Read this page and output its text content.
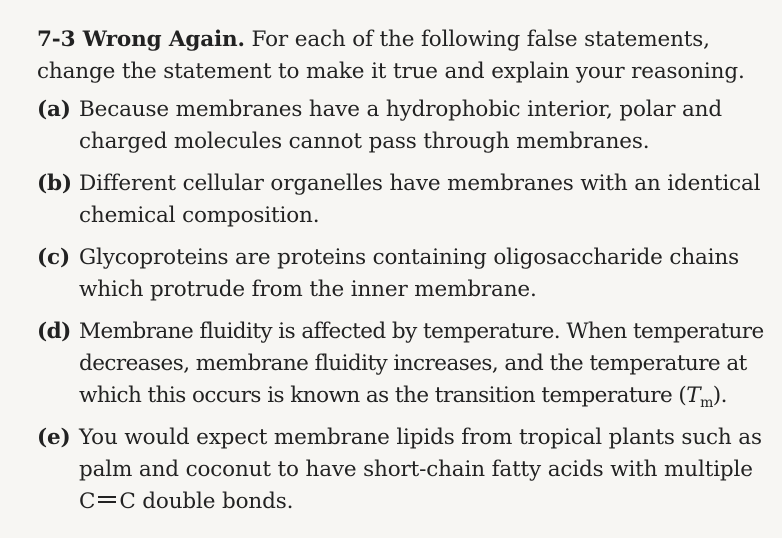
7-3 Wrong Again. For each of the following false statements,
change the statement to make it true and explain your reasoning.

(a) Because membranes have a hydrophobic interior, polar and
charged molecules cannot pass through membranes.
(b) Different cellular organelles have membranes with an identical
chemical composition.
(c) Glycoproteins are proteins containing oligosaccharide chains
which protrude from the inner membrane.
(d) Membrane fluidity is affected by temperature. When temperature
decreases, membrane fluidity increases, and the temperature at
which this occurs is known as the transition temperature $(T_m)$.
(e) You would expect membrane lipids from tropical plants such as
palm and coconut to have short-chain fatty acids with multiple
C C double bonds.
